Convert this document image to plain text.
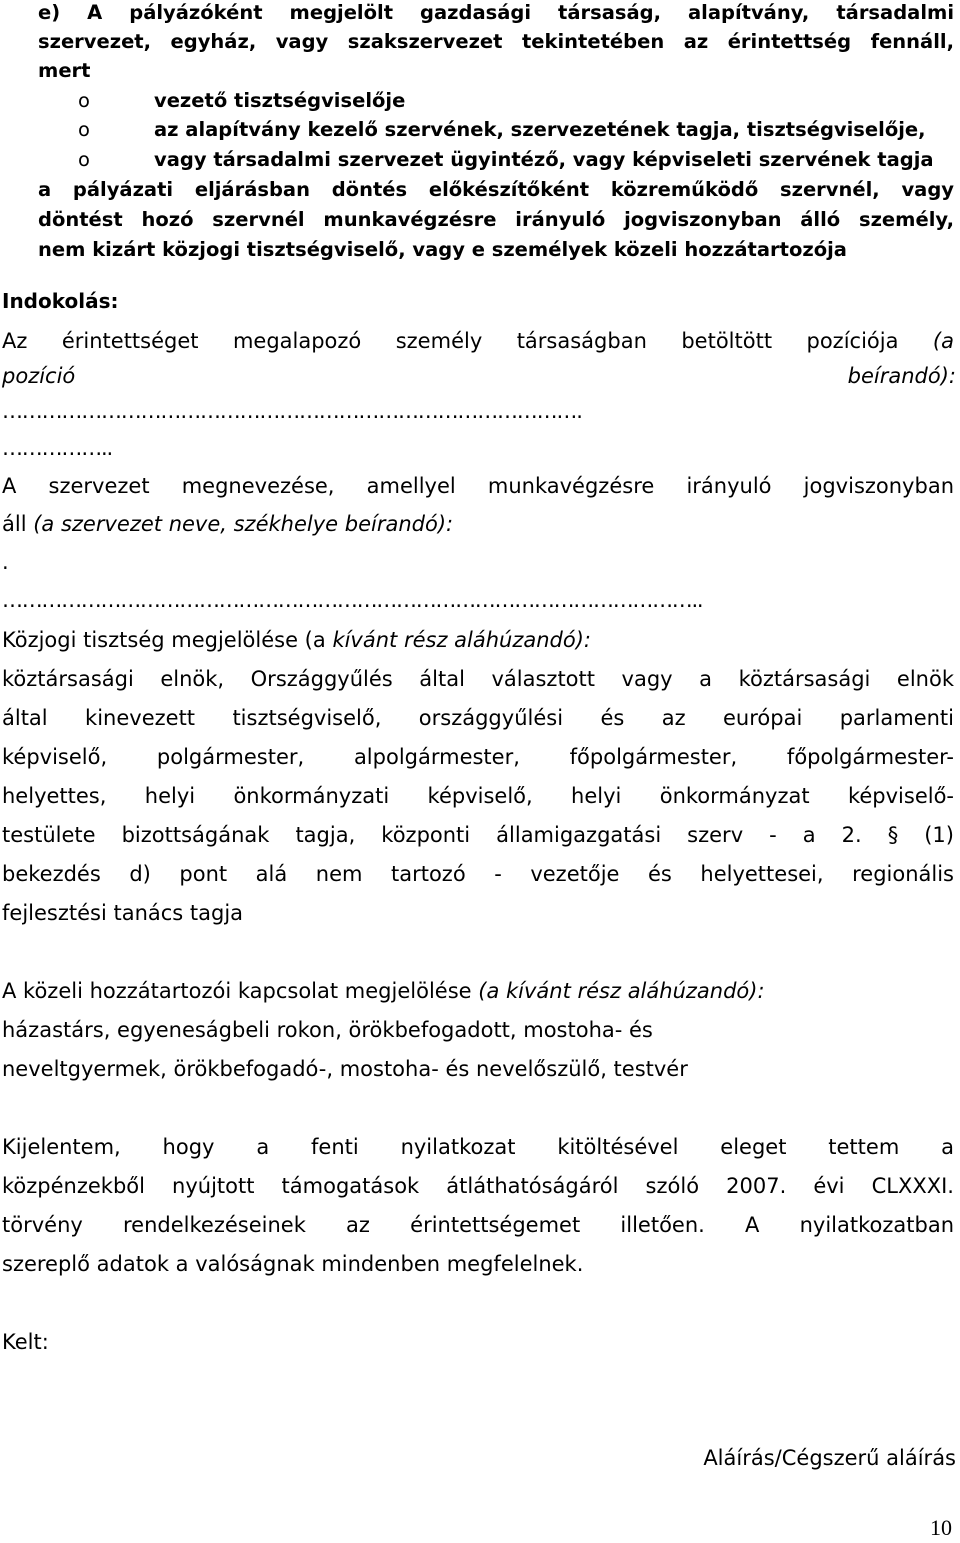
e) A pályázóként megjelölt gazdasági társaság, alapítvány, társadalmi
szervezet, egyház, vagy szakszervezet tekintetében az érintettség fennáll,
mert
o	vezető tisztségviselője
o	az alapítvány kezelő szervének, szervezetének tagja, tisztségviselője,
o	vagy társadalmi szervezet ügyintéző, vagy képviseleti szervének tagja
a pályázati eljárásban döntés előkészítőként közreműködő szervnél, vagy
döntést hozó szervnél munkavégzésre irányuló jogviszonyban álló személy,
nem kizárt közjogi tisztségviselő, vagy e személyek közeli hozzátartozója
Indokolás:
Az érintettséget megalapozó személy társaságban betöltött pozíciója (a
pozíció	beírandó):
…………………………………………………………………………….
……………..
A szervezet megnevezése, amellyel munkavégzésre irányuló jogviszonyban
áll (a szervezet neve, székhelye beírandó):
.
……………………………………………………………………………………………..
Közjogi tisztség megjelölése (a kívánt rész aláhúzandó):
köztársasági elnök, Országgyűlés által választott vagy a köztársasági elnök
által kinevezett tisztségviselő, országgyűlési és az európai parlamenti
képviselő, polgármester, alpolgármester, főpolgármester, főpolgármester-
helyettes, helyi önkormányzati képviselő, helyi önkormányzat képviselő-
testülete bizottságának tagja, központi államigazgatási szerv - a 2. § (1)
bekezdés d) pont alá nem tartozó - vezetője és helyettesei, regionális
fejlesztési tanács tagja
A közeli hozzátartozói kapcsolat megjelölése (a kívánt rész aláhúzandó):
házastárs, egyeneságbeli rokon, örökbefogadott, mostoha- és
neveltgyermek, örökbefogadó-, mostoha- és nevelőszülő, testvér
Kijelentem, hogy a fenti nyilatkozat kitöltésével eleget tettem a
közpénzekből nyújtott támogatások átláthatóságáról szóló 2007. évi CLXXXI.
törvény rendelkezéseinek az érintettségemet illetően. A nyilatkozatban
szereplő adatok a valóságnak mindenben megfelelnek.
Kelt:
Aláírás/Cégszerű aláírás
10
